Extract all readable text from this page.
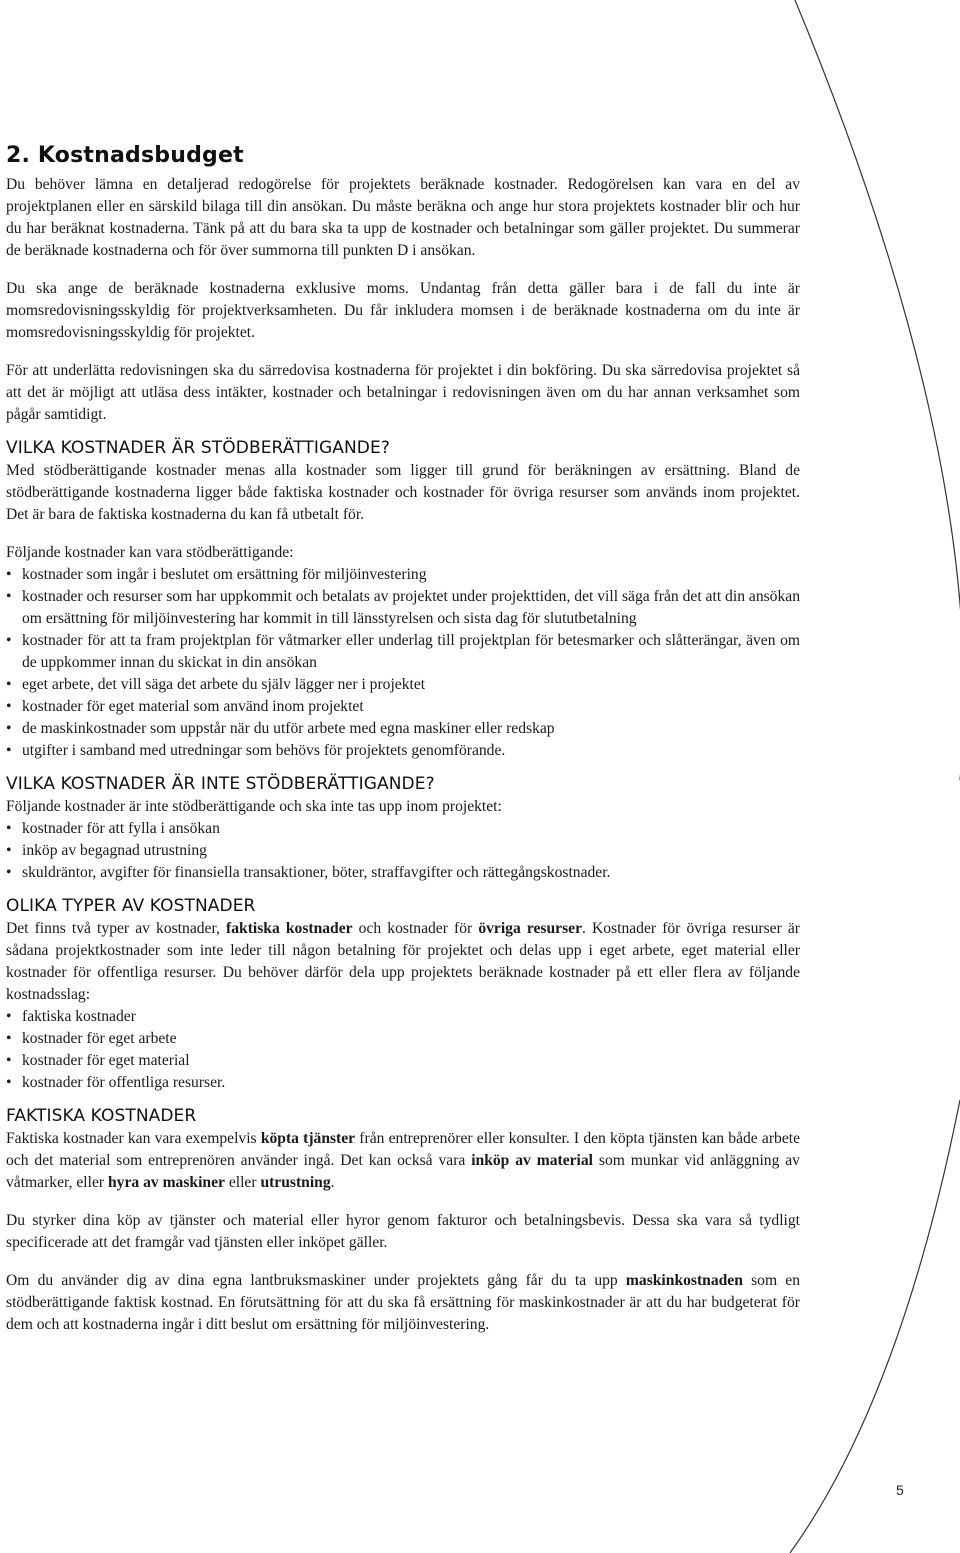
2. Kostnadsbudget

Du behöver lämna en detaljerad redogörelse för projektets beräknade kostnader. Redogörelsen kan vara en del av projektplanen eller en särskild bilaga till din ansökan. Du måste beräkna och ange hur stora projektets kostnader blir och hur du har beräknat kostnaderna. Tänk på att du bara ska ta upp de kostnader och betalningar som gäller projektet. Du summerar de beräknade kostnaderna och för över summorna till punkten D i ansökan.

Du ska ange de beräknade kostnaderna exklusive moms. Undantag från detta gäller bara i de fall du inte är momsredovisningsskyldig för projektverksamheten. Du får inkludera momsen i de beräknade kostnaderna om du inte är momsredovisningsskyldig för projektet.

För att underlätta redovisningen ska du särredovisa kostnaderna för projektet i din bokföring. Du ska särredovisa projektet så att det är möjligt att utläsa dess intäkter, kostnader och betalningar i redovisningen även om du har annan verksamhet som pågår samtidigt.

VILKA KOSTNADER ÄR STÖDBERÄTTIGANDE?

Med stödberättigande kostnader menas alla kostnader som ligger till grund för beräkningen av ersättning. Bland de stödberättigande kostnaderna ligger både faktiska kostnader och kostnader för övriga resurser som används inom projektet. Det är bara de faktiska kostnaderna du kan få utbetalt för.

Följande kostnader kan vara stödberättigande:

• kostnader som ingår i beslutet om ersättning för miljöinvestering
• kostnader och resurser som har uppkommit och betalats av projektet under projekttiden, det vill säga från det att din ansökan om ersättning för miljöinvestering har kommit in till länsstyrelsen och sista dag för slututbetalning
• kostnader för att ta fram projektplan för våtmarker eller underlag till projektplan för betesmarker och slåtterängar, även om de uppkommer innan du skickat in din ansökan
• eget arbete, det vill säga det arbete du själv lägger ner i projektet
• kostnader för eget material som använd inom projektet
• de maskinkostnader som uppstår när du utför arbete med egna maskiner eller redskap
• utgifter i samband med utredningar som behövs för projektets genomförande.
VILKA KOSTNADER ÄR INTE STÖDBERÄTTIGANDE?

Följande kostnader är inte stödberättigande och ska inte tas upp inom projektet:

• kostnader för att fylla i ansökan
• inköp av begagnad utrustning
• skuldräntor, avgifter för finansiella transaktioner, böter, straffavgifter och rättegångskostnader.
OLIKA TYPER AV KOSTNADER

Det finns två typer av kostnader, faktiska kostnader och kostnader för övriga resurser. Kostnader för övriga resurser är sådana projektkostnader som inte leder till någon betalning för projektet och delas upp i eget arbete, eget material eller kostnader för offentliga resurser. Du behöver därför dela upp projektets beräknade kostnader på ett eller flera av följande kostnadsslag:

• faktiska kostnader
• kostnader för eget arbete
• kostnader för eget material
• kostnader för offentliga resurser.
FAKTISKA KOSTNADER

Faktiska kostnader kan vara exempelvis köpta tjänster från entreprenörer eller konsulter. I den köpta tjänsten kan både arbete och det material som entreprenören använder ingå. Det kan också vara inköp av material som munkar vid anläggning av våtmarker, eller hyra av maskiner eller utrustning.

Du styrker dina köp av tjänster och material eller hyror genom fakturor och betalningsbevis. Dessa ska vara så tydligt specificerade att det framgår vad tjänsten eller inköpet gäller.

Om du använder dig av dina egna lantbruksmaskiner under projektets gång får du ta upp maskinkostnaden som en stödberättigande faktisk kostnad. En förutsättning för att du ska få ersättning för maskinkostnader är att du har budgeterat för dem och att kostnaderna ingår i ditt beslut om ersättning för miljöinvestering.

5
